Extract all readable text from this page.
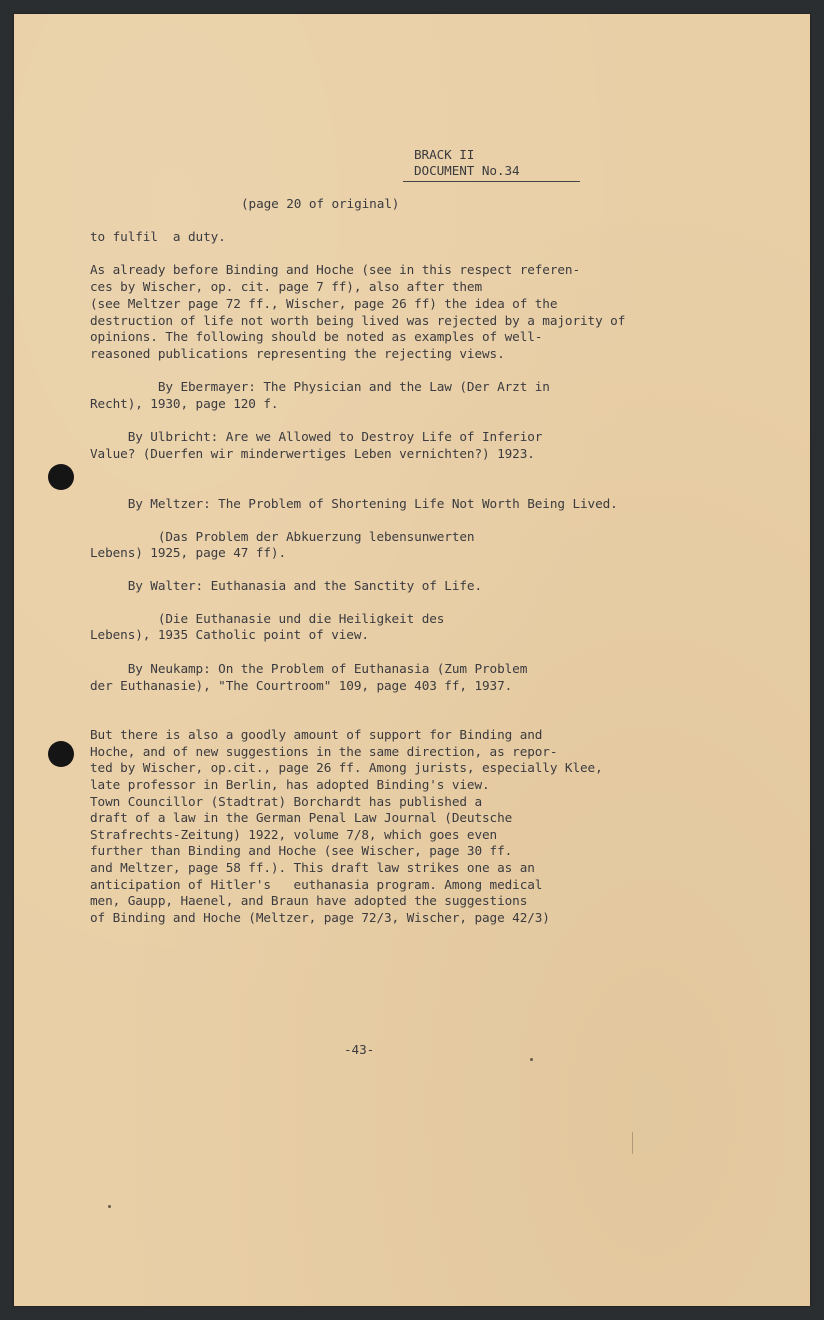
BRACK II
DOCUMENT No.34
(page 20 of original)
to fulfil  a duty.
As already before Binding and Hoche (see in this respect referen-
ces by Wischer, op. cit. page 7 ff), also after them
(see Meltzer page 72 ff., Wischer, page 26 ff) the idea of the
destruction of life not worth being lived was rejected by a majority of
opinions. The following should be noted as examples of well-
reasoned publications representing the rejecting views.
By Ebermayer: The Physician and the Law (Der Arzt in
Recht), 1930, page 120 f.
By Ulbricht: Are we Allowed to Destroy Life of Inferior
Value? (Duerfen wir minderwertiges Leben vernichten?) 1923.
By Meltzer: The Problem of Shortening Life Not Worth Being Lived.
(Das Problem der Abkuerzung lebensunwerten
Lebens) 1925, page 47 ff).
By Walter: Euthanasia and the Sanctity of Life.
(Die Euthanasie und die Heiligkeit des
Lebens), 1935 Catholic point of view.
By Neukamp: On the Problem of Euthanasia (Zum Problem
der Euthanasie), "The Courtroom" 109, page 403 ff, 1937.
But there is also a goodly amount of support for Binding and
Hoche, and of new suggestions in the same direction, as repor-
ted by Wischer, op.cit., page 26 ff. Among jurists, especially Klee,
late professor in Berlin, has adopted Binding's view.
Town Councillor (Stadtrat) Borchardt has published a
draft of a law in the German Penal Law Journal (Deutsche
Strafrechts-Zeitung) 1922, volume 7/8, which goes even
further than Binding and Hoche (see Wischer, page 30 ff.
and Meltzer, page 58 ff.). This draft law strikes one as an
anticipation of Hitler's   euthanasia program. Among medical
men, Gaupp, Haenel, and Braun have adopted the suggestions
of Binding and Hoche (Meltzer, page 72/3, Wischer, page 42/3)
-43-
